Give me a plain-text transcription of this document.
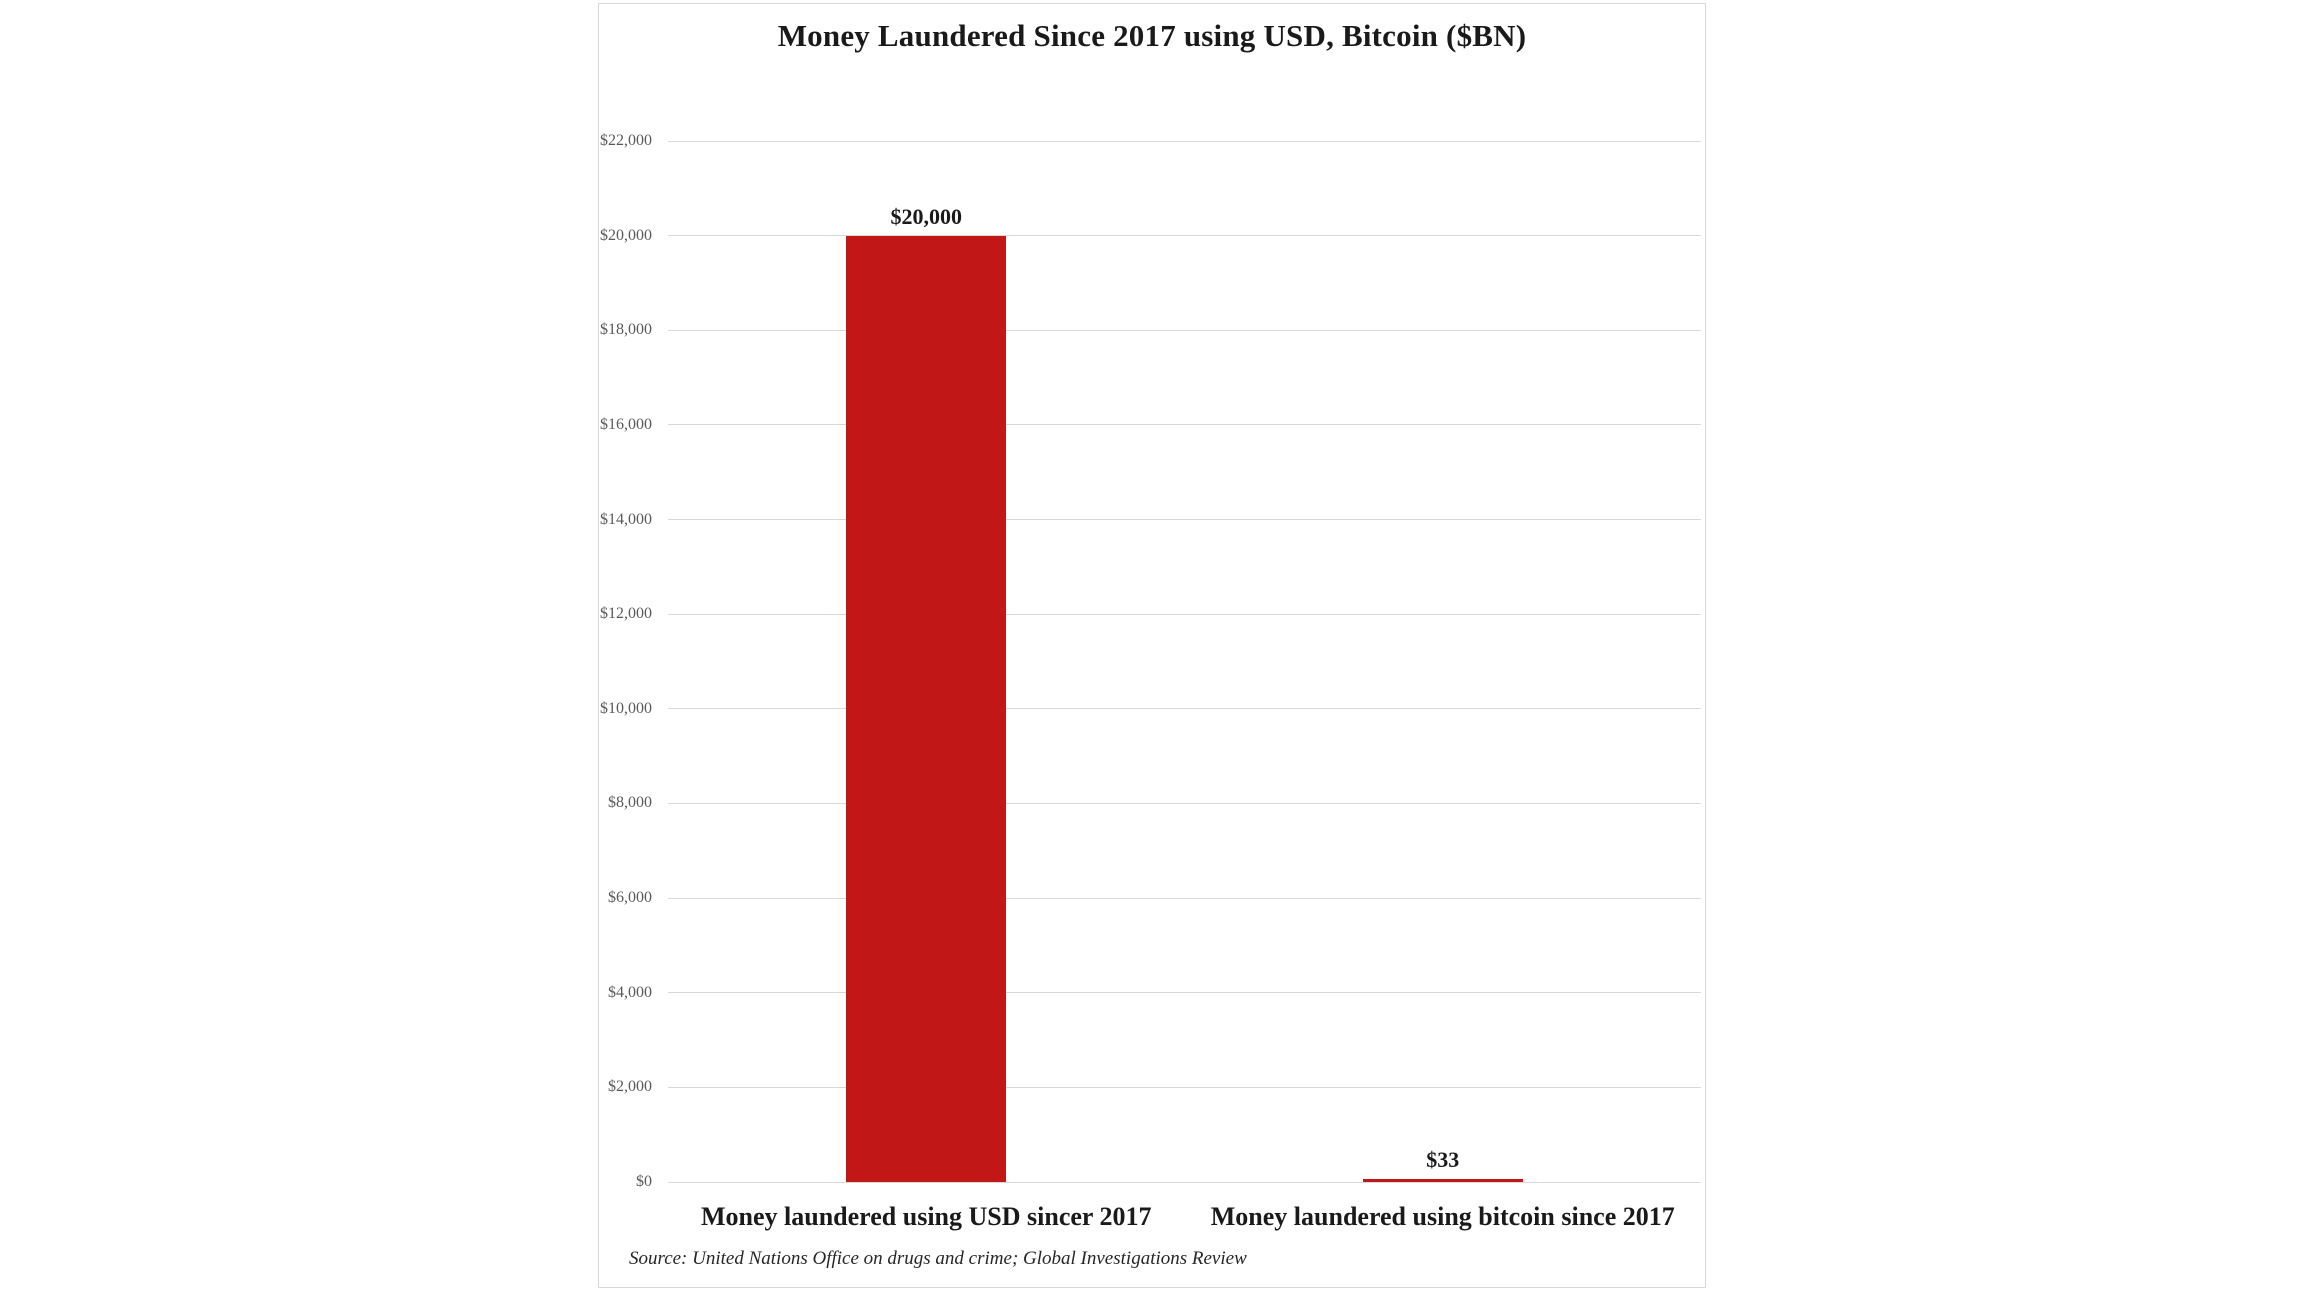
Money Laundered Since 2017 using USD, Bitcoin ($BN)
$0
$2,000
$4,000
$6,000
$8,000
$10,000
$12,000
$14,000
$16,000
$18,000
$20,000
$22,000
$20,000
Money laundered using USD sincer 2017
$33
Money laundered using bitcoin since 2017
Source: United Nations Office on drugs and crime; Global Investigations Review
